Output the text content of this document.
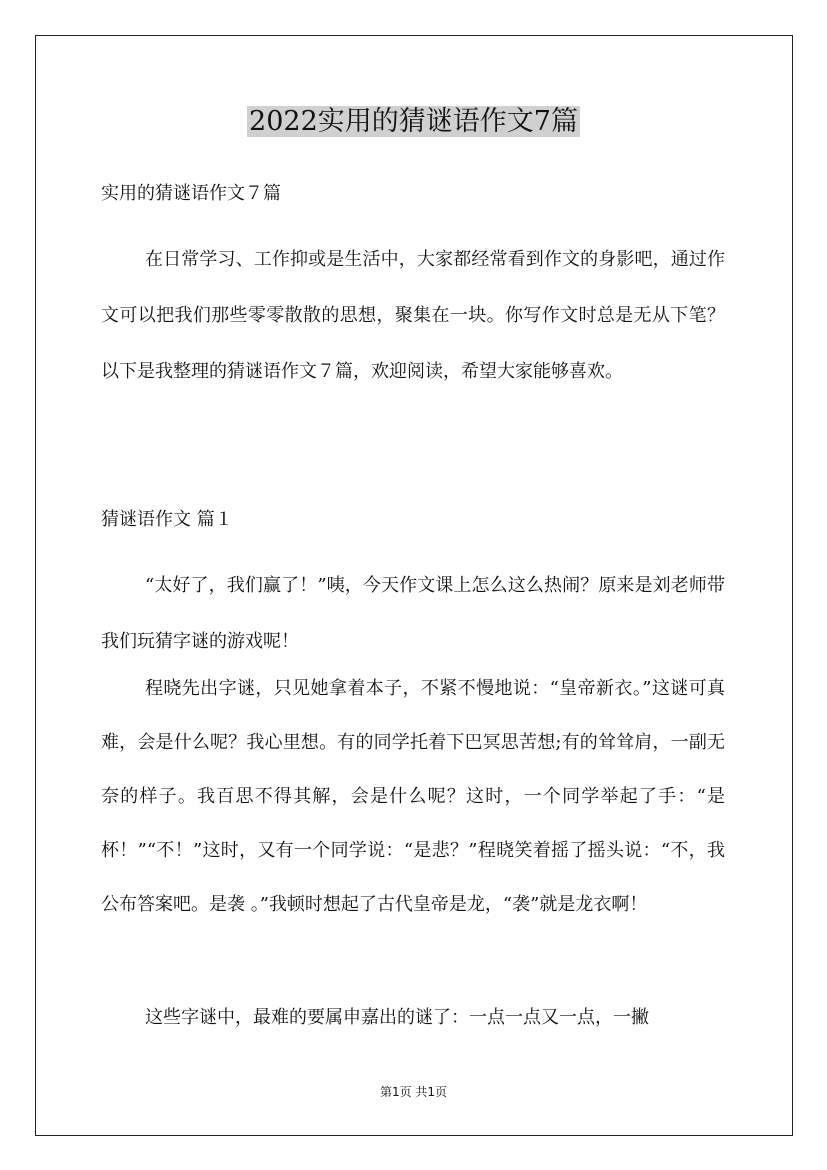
2022实用的猜谜语作文7篇
实用的猜谜语作文７篇

在日常学习、工作抑或是生活中，大家都经常看到作文的身影吧，通过作文可以把我们那些零零散散的思想，聚集在一块。你写作文时总是无从下笔？以下是我整理的猜谜语作文７篇，欢迎阅读，希望大家能够喜欢。

猜谜语作文 篇１

“太好了，我们赢了！”咦，今天作文课上怎么这么热闹？原来是刘老师带我们玩猜字谜的游戏呢！

程晓先出字谜，只见她拿着本子，不紧不慢地说：“皇帝新衣。”这谜可真难，会是什么呢？我心里想。有的同学托着下巴冥思苦想;有的耸耸肩，一副无奈的样子。我百思不得其解，会是什么呢？这时，一个同学举起了手：“是杯！”“不！”这时，又有一个同学说：“是悲？”程晓笑着摇了摇头说：“不，我公布答案吧。是袭 。”我顿时想起了古代皇帝是龙，“袭”就是龙衣啊！

这些字谜中，最难的要属申嘉出的谜了：一点一点又一点，一撇

第1页 共1页
